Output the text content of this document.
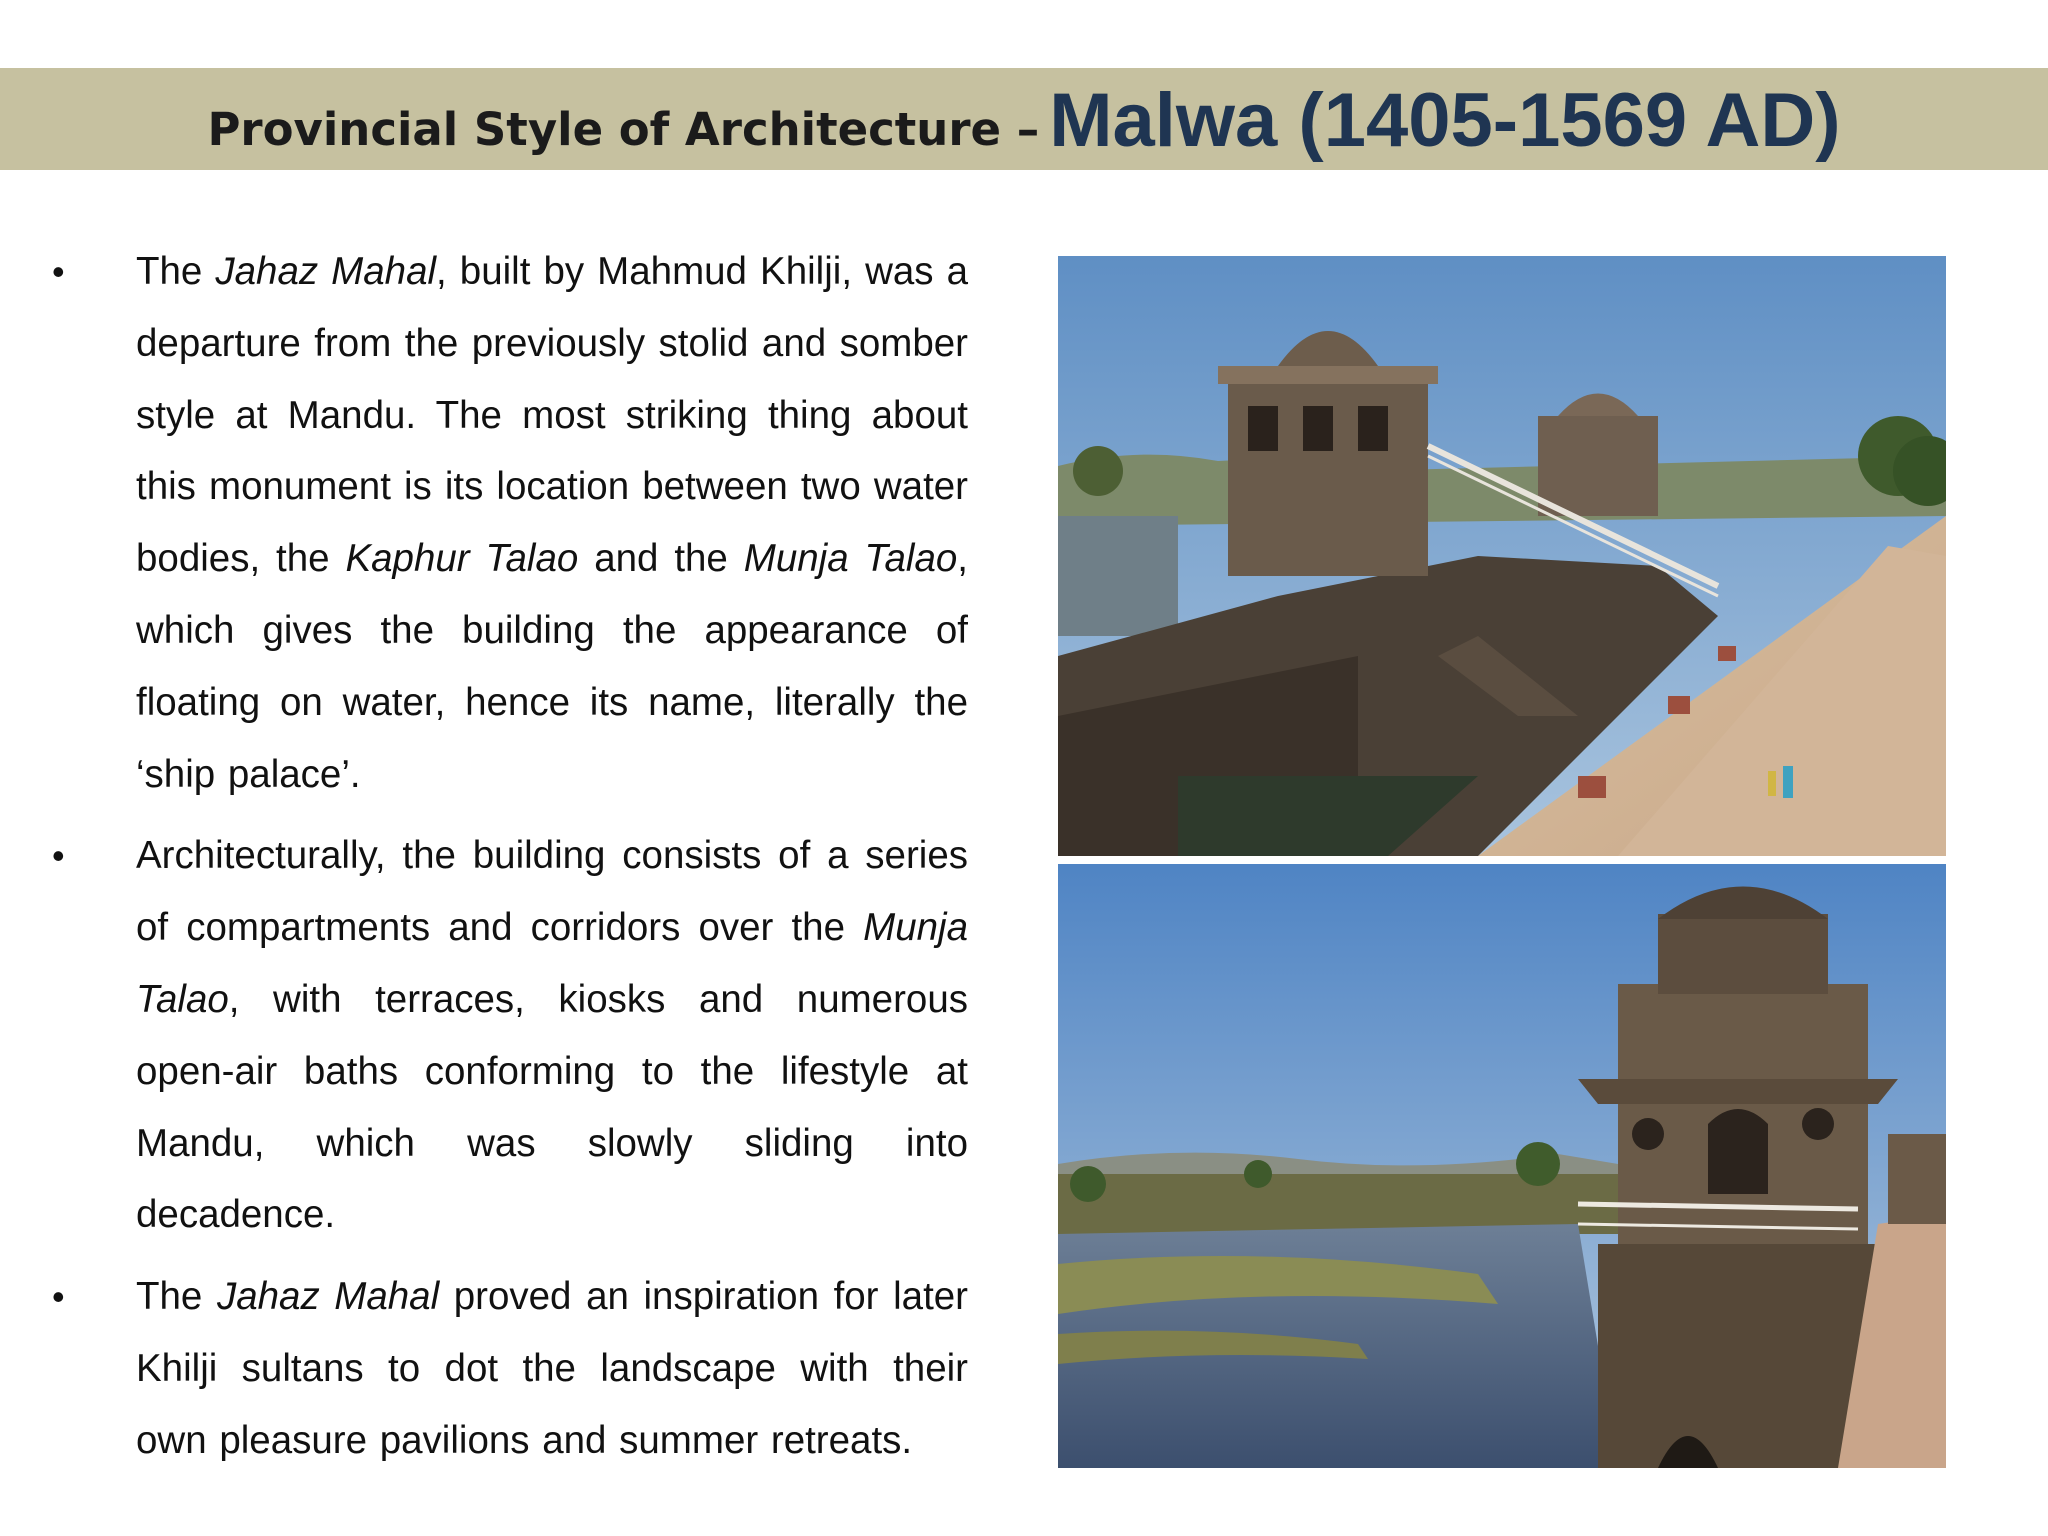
Provincial Style of Architecture – Malwa (1405-1569 AD)
•	The Jahaz Mahal, built by Mahmud Khilji, was a departure from the previously stolid and somber style at Mandu. The most striking thing about this monument is its location between two water bodies, the Kaphur Talao and the Munja Talao, which gives the building the appearance of floating on water, hence its name, literally the ‘ship palace’.
•	Architecturally, the building consists of a series of compartments and corridors over the Munja Talao, with terraces, kiosks and numerous open-air baths conforming to the lifestyle at Mandu, which was slowly sliding into decadence.
•	The Jahaz Mahal proved an inspiration for later Khilji sultans to dot the landscape with their own pleasure pavilions and summer retreats.
